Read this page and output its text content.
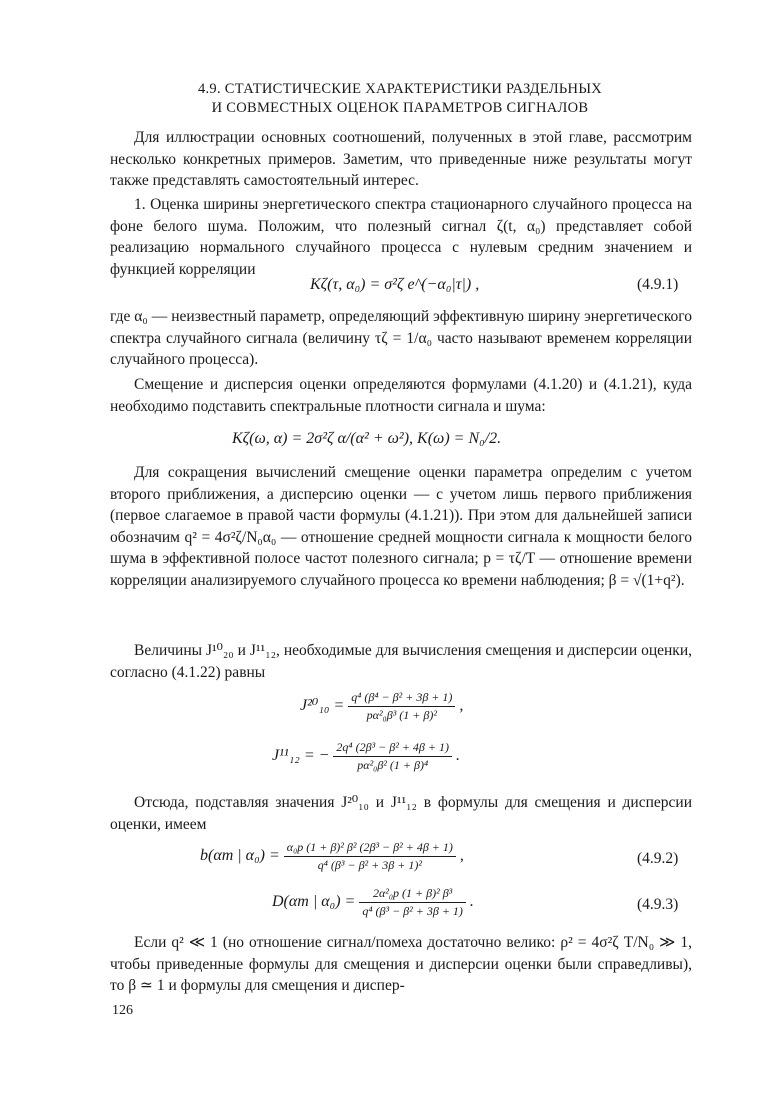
4.9. СТАТИСТИЧЕСКИЕ ХАРАКТЕРИСТИКИ РАЗДЕЛЬНЫХ
И СОВМЕСТНЫХ ОЦЕНОК ПАРАМЕТРОВ СИГНАЛОВ
Для иллюстрации основных соотношений, полученных в этой главе, рассмотрим несколько конкретных примеров. Заметим, что приведенные ниже результаты могут также представлять самостоятельный интерес.
1. Оценка ширины энергетического спектра стационарного случайного процесса на фоне белого шума. Положим, что полезный сигнал ζ(t, α₀) представляет собой реализацию нормального случайного процесса с нулевым средним значением и функцией корреляции
Kζ(τ, α₀) = σ²ζ e^(−α₀|τ|) ,	(4.9.1)
где α₀ — неизвестный параметр, определяющий эффективную ширину энергетического спектра случайного сигнала (величину τζ = 1/α₀ часто называют временем корреляции случайного процесса).
Смещение и дисперсия оценки определяются формулами (4.1.20) и (4.1.21), куда необходимо подставить спектральные плотности сигнала и шума:
Kζ(ω, α) = 2σ²ζ α/(α² + ω²), K(ω) = N₀/2.
Для сокращения вычислений смещение оценки параметра определим с учетом второго приближения, а дисперсию оценки — с учетом лишь первого приближения (первое слагаемое в правой части формулы (4.1.21)). При этом для дальнейшей записи обозначим q² = 4σ²ζ/N₀α₀ — отношение средней мощности сигнала к мощности белого шума в эффективной полосе частот полезного сигнала; p = τζ/T — отношение времени корреляции анализируемого случайного процесса ко времени наблюдения; β = √(1+q²).
Величины J¹⁰₂₀ и J¹¹₁₂, необходимые для вычисления смещения и дисперсии оценки, согласно (4.1.22) равны
$J^{20}_{10} = \frac{\text{q⁴ (β⁴ − β² + 3β + 1)}}{\text{pα²₀β³ (1 + β)²}}$ ,
J¹¹₁₂ = − $\frac{\text{2q⁴ (2β³ − β² + 4β + 1)}}{\text{pα²₀β² (1 + β)⁴}}$ .
Отсюда, подставляя значения J²⁰₁₀ и J¹¹₁₂ в формулы для смещения и дисперсии оценки, имеем
b(αm | $\alpha_0) = \frac{\text{α₀p (1 + β)² β² (2β³ − β² + 4β + 1)}}{\text{q⁴ (β³ − β² + 3β + 1)²}}$ ,	(4.9.2)
D(αm | $\alpha_0) = \frac{\text{2α²₀p (1 + β)² β³}}{\text{q⁴ (β³ − β² + 3β + 1)}}$ .	(4.9.3)
Если q² ≪ 1 (но отношение сигнал/помеха достаточно велико: ρ² = 4σ²ζ T/N₀ ≫ 1, чтобы приведенные формулы для смещения и дисперсии оценки были справедливы), то β ≃ 1 и формулы для смещения и диспер-
126
